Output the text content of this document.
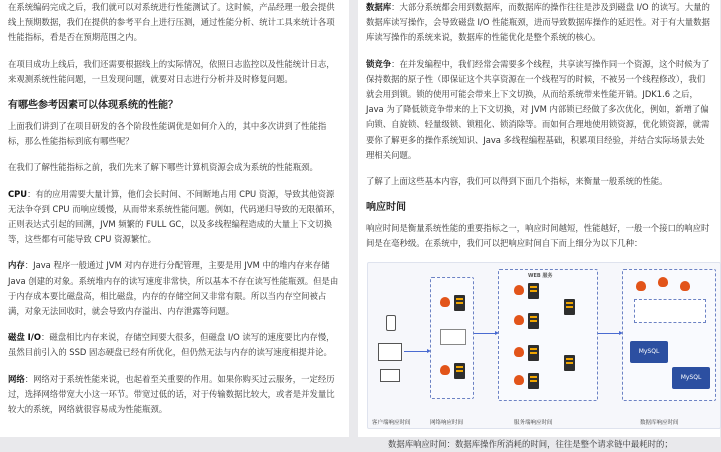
在系统编码完成之后，我们就可以对系统进行性能测试了。这时候，产品经理一般会提供线上预期数据，我们在提供的参考平台上进行压测，通过性能分析、统计工具来统计各项性能指标，看是否在预期范围之内。

在项目成功上线后，我们还需要根据线上的实际情况，依照日志监控以及性能统计日志，来观测系统性能问题，一旦发现问题，就要对日志进行分析并及时修复问题。

有哪些参考因素可以体现系统的性能？

上面我们讲到了在项目研发的各个阶段性能调优是如何介入的，其中多次讲到了性能指标，那么性能指标到底有哪些呢？

在我们了解性能指标之前，我们先来了解下哪些计算机资源会成为系统的性能瓶颈。

CPU：有的应用需要大量计算，他们会长时间、不间断地占用 CPU 资源，导致其他资源无法争夺到 CPU 而响应缓慢，从而带来系统性能问题。例如，代码递归导致的无限循环，正则表达式引起的回溯，JVM 频繁的 FULL GC，以及多线程编程造成的大量上下文切换等，这些都有可能导致 CPU 资源繁忙。

内存：Java 程序一般通过 JVM 对内存进行分配管理，主要是用 JVM 中的堆内存来存储 Java 创建的对象。系统堆内存的读写速度非常快，所以基本不存在读写性能瓶颈。但是由于内存成本要比磁盘高，相比磁盘，内存的存储空间又非常有限。所以当内存空间被占满，对象无法回收时，就会导致内存溢出、内存泄露等问题。

磁盘 I/O：磁盘相比内存来说，存储空间要大很多，但磁盘 I/O 读写的速度要比内存慢，虽然目前引入的 SSD 固态硬盘已经有所优化，但仍然无法与内存的读写速度相提并论。

网络：网络对于系统性能来说，也起着至关重要的作用。如果你购买过云服务，一定经历过，选择网络带宽大小这一环节。带宽过低的话，对于传输数据比较大，或者是并发量比较大的系统，网络就很容易成为性能瓶颈。

数据库：大部分系统都会用到数据库，而数据库的操作往往是涉及到磁盘 I/O 的读写。大量的数据库读写操作，会导致磁盘 I/O 性能瓶颈，进而导致数据库操作的延迟性。对于有大量数据库读写操作的系统来说，数据库的性能优化是整个系统的核心。

锁竞争：在并发编程中，我们经常会需要多个线程，共享读写操作同一个资源，这个时候为了保持数据的原子性（即保证这个共享资源在一个线程写的时候，不被另一个线程修改），我们就会用到锁。锁的使用可能会带来上下文切换，从而给系统带来性能开销。JDK1.6 之后，Java 为了降低锁竞争带来的上下文切换，对 JVM 内部锁已经做了多次优化，例如，新增了偏向锁、自旋锁、轻量级锁、锁粗化、锁消除等。而如何合理地使用锁资源，优化锁资源，就需要你了解更多的操作系统知识、Java 多线程编程基础，积累项目经验，并结合实际场景去处理相关问题。

了解了上面这些基本内容，我们可以得到下面几个指标，来衡量一般系统的性能。

响应时间

响应时间是衡量系统性能的重要指标之一，响应时间越短，性能越好，一般一个接口的响应时间是在毫秒级。在系统中，我们可以把响应时间自下而上细分为以下几种：

WEB 服务
MySQL
MySQL
客户端响应时间	网络响应时间	服务端响应时间	数据库响应时间

数据库响应时间：数据库操作所消耗的时间，往往是整个请求链中最耗时的；
